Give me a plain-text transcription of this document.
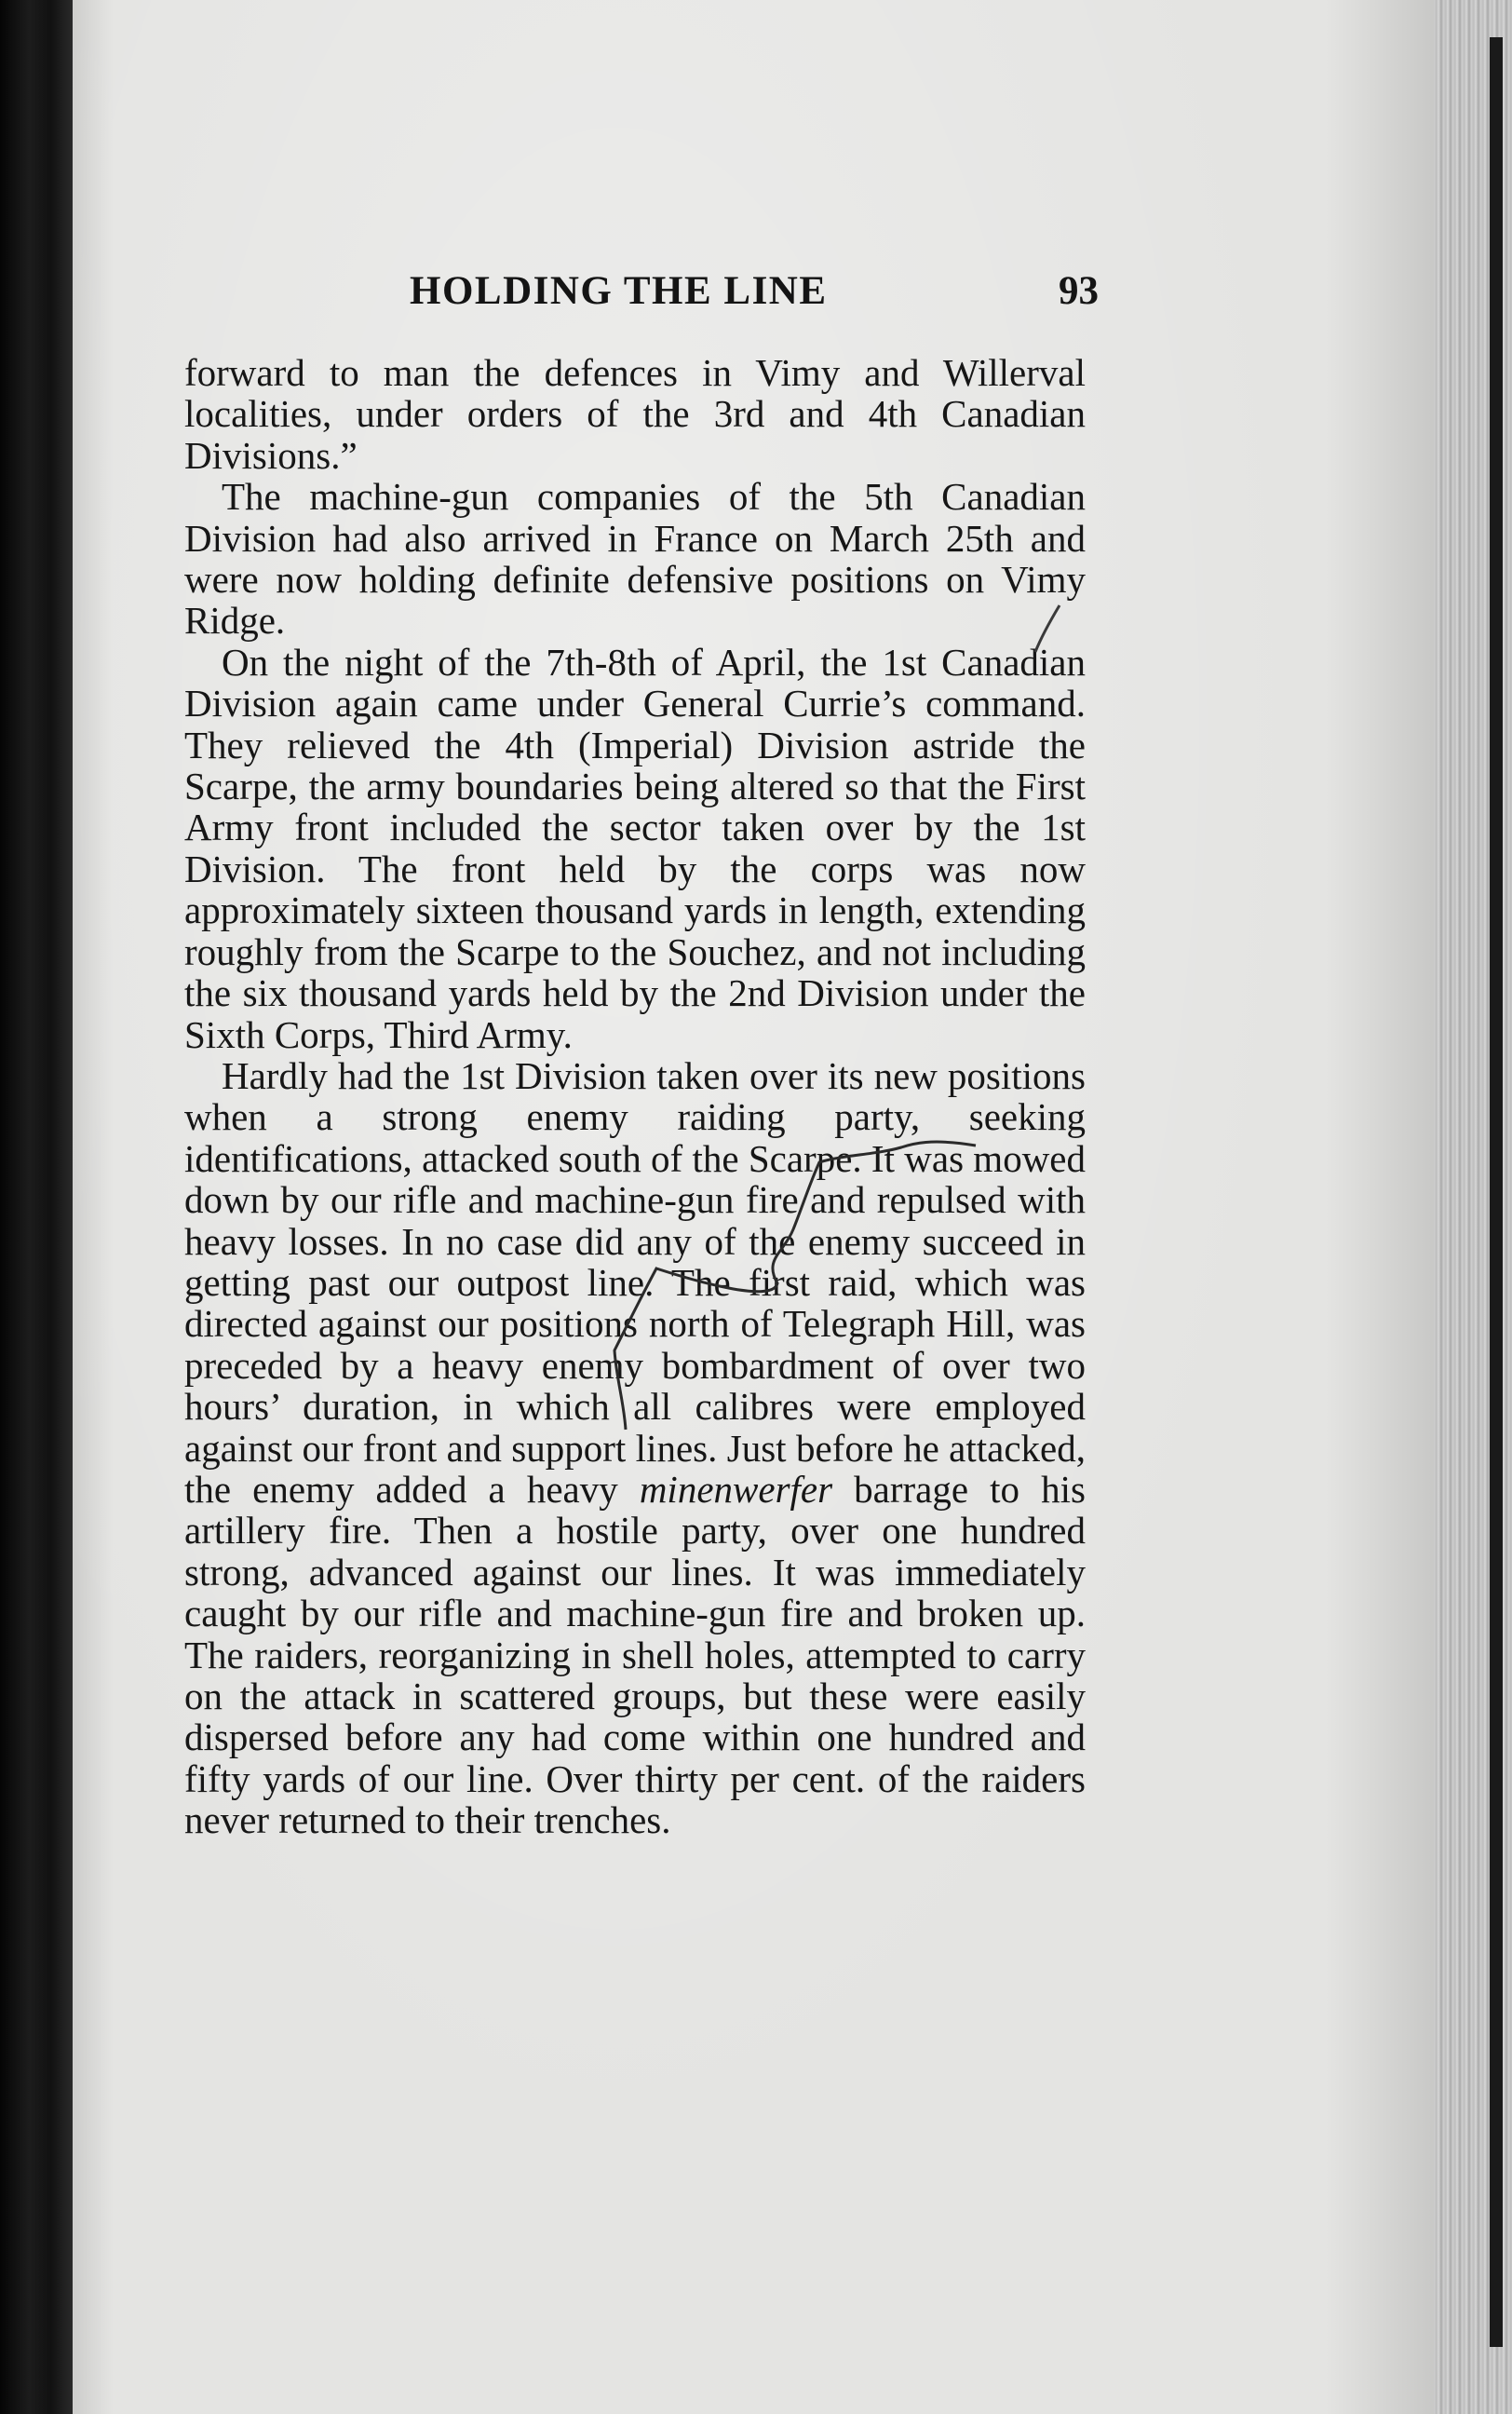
HOLDING THE LINE	93

forward to man the defences in Vimy and Willerval localities, under orders of the 3rd and 4th Canadian Divisions.”

The machine-gun companies of the 5th Canadian Division had also arrived in France on March 25th and were now holding definite defensive positions on Vimy Ridge.

On the night of the 7th-8th of April, the 1st Canadian Division again came under General Currie’s command. They relieved the 4th (Imperial) Division astride the Scarpe, the army boundaries being altered so that the First Army front included the sector taken over by the 1st Division. The front held by the corps was now approximately sixteen thousand yards in length, extending roughly from the Scarpe to the Souchez, and not including the six thousand yards held by the 2nd Division under the Sixth Corps, Third Army.

Hardly had the 1st Division taken over its new positions when a strong enemy raiding party, seeking identifications, attacked south of the Scarpe. It was mowed down by our rifle and machine-gun fire and repulsed with heavy losses. In no case did any of the enemy succeed in getting past our outpost line. The first raid, which was directed against our positions north of Telegraph Hill, was preceded by a heavy enemy bombardment of over two hours’ duration, in which all calibres were employed against our front and support lines. Just before he attacked, the enemy added a heavy minenwerfer barrage to his artillery fire. Then a hostile party, over one hundred strong, advanced against our lines. It was immediately caught by our rifle and machine-gun fire and broken up. The raiders, reorganizing in shell holes, attempted to carry on the attack in scattered groups, but these were easily dispersed before any had come within one hundred and fifty yards of our line. Over thirty per cent. of the raiders never returned to their trenches.
